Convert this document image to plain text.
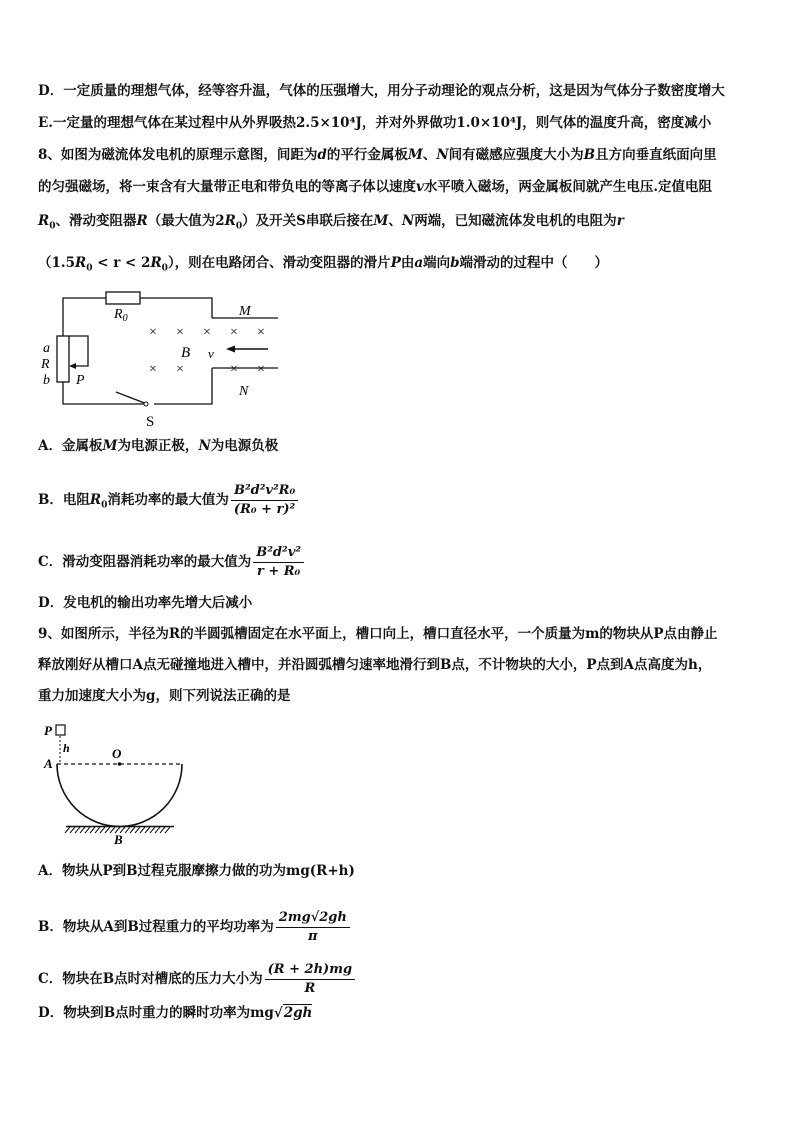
D．一定质量的理想气体，经等容升温，气体的压强增大，用分子动理论的观点分析，这是因为气体分子数密度增大
E.一定量的理想气体在某过程中从外界吸热2.5×10⁴J，并对外界做功1.0×10⁴J，则气体的温度升高，密度减小
8、如图为磁流体发电机的原理示意图，间距为d的平行金属板M、N间有磁感应强度大小为B且方向垂直纸面向里
的匀强磁场，将一束含有大量带正电和带负电的等离子体以速度v水平喷入磁场，两金属板间就产生电压.定值电阻
$R_0$、滑动变阻器R（最大值为$2R_0$）及开关S串联后接在M、N两端，已知磁流体发电机的电阻为r
$(1.5R_0 < r < 2R_0)$，则在电路闭合、滑动变阻器的滑片P由a端向b端滑动的过程中（　　）
× × × × ×
× ×	× ×
$R_0$	M
N
B v
a
R
b P
S
A．金属板M为电源正极，N为电源负极
B．电阻$R_0$消耗功率的最大值为 $\frac{\text{B²d²v²R₀}}{\text{(R₀ + r)²}}$
C．滑动变阻器消耗功率的最大值为 $\frac{\text{B²d²v²}}{\text{r + R₀}}$
D．发电机的输出功率先增大后减小
9、如图所示，半径为R的半圆弧槽固定在水平面上，槽口向上，槽口直径水平，一个质量为m的物块从P点由静止
释放刚好从槽口A点无碰撞地进入槽中，并沿圆弧槽匀速率地滑行到B点，不计物块的大小，P点到A点高度为h，
重力加速度大小为g，则下列说法正确的是
P
h
A
O
B
A．物块从P到B过程克服摩擦力做的功为mg(R+h)
B．物块从A到B过程重力的平均功率为 $\frac{2mg√2gh}{\pi}$
C．物块在B点时对槽底的压力大小为 $\frac{(R + 2h)mg}{R}$
D．物块到B点时重力的瞬时功率为mg√2gh
